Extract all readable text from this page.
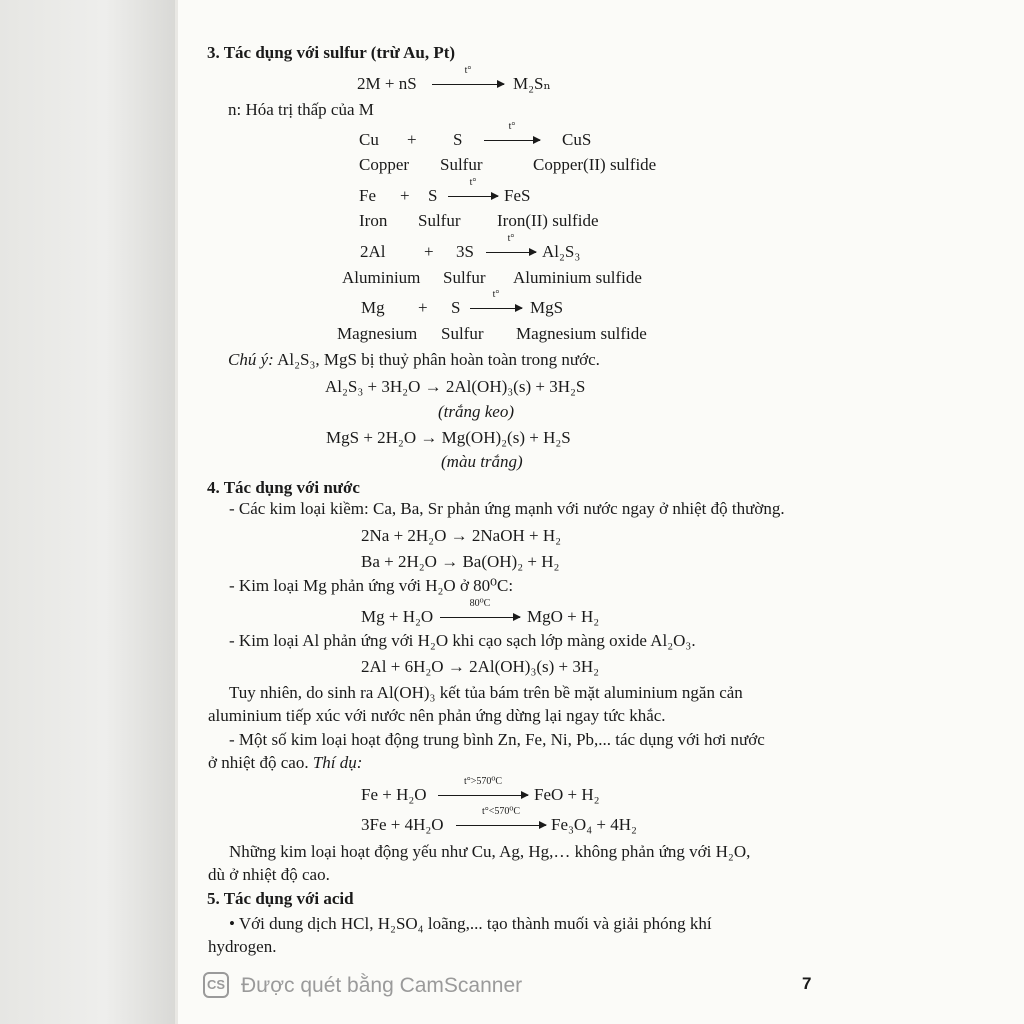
3. Tác dụng với sulfur (trừ Au, Pt)
2M + nS
t°
M₂Sₙ
n: Hóa trị thấp của M
Cu + S
t°
→ CuS
Copper Sulfur	Copper(II) sulfide
Fe + S
t°
→ FeS
Iron Sulfur Iron(II) sulfide
2Al + 3S
t°
→ Al₂S₃
Aluminium Sulfur Aluminium sulfide
Mg + S
t°
→ MgS
Magnesium Sulfur Magnesium sulfide
Chú ý: Al₂S₃, MgS bị thuỷ phân hoàn toàn trong nước.
Al₂S₃ + 3H₂O → 2Al(OH)₃(s) + 3H₂S
(trắng keo)
MgS + 2H₂O → Mg(OH)₂(s) + H₂S
(màu trắng)
4. Tác dụng với nước
- Các kim loại kiềm: Ca, Ba, Sr phản ứng mạnh với nước ngay ở nhiệt độ thường.
2Na + 2H₂O → 2NaOH + H₂
Ba + 2H₂O → Ba(OH)₂ + H₂
- Kim loại Mg phản ứng với H₂O ở 80⁰C:
Mg + H₂O
80⁰C
MgO + H₂
- Kim loại Al phản ứng với H₂O khi cạo sạch lớp màng oxide Al₂O₃.
2Al + 6H₂O → 2Al(OH)₃(s) + 3H₂
Tuy nhiên, do sinh ra Al(OH)₃ kết tủa bám trên bề mặt aluminium ngăn cản
aluminium tiếp xúc với nước nên phản ứng dừng lại ngay tức khắc.
- Một số kim loại hoạt động trung bình Zn, Fe, Ni, Pb,... tác dụng với hơi nước
ở nhiệt độ cao. Thí dụ:
Fe + H₂O
t°>570⁰C
FeO + H₂
3Fe + 4H₂O
t°<570⁰C
Fe₃O₄ + 4H₂
Những kim loại hoạt động yếu như Cu, Ag, Hg,… không phản ứng với H₂O,
dù ở nhiệt độ cao.
5. Tác dụng với acid
• Với dung dịch HCl, H₂SO₄ loãng,... tạo thành muối và giải phóng khí
hydrogen.
CS Được quét bằng CamScanner	7
